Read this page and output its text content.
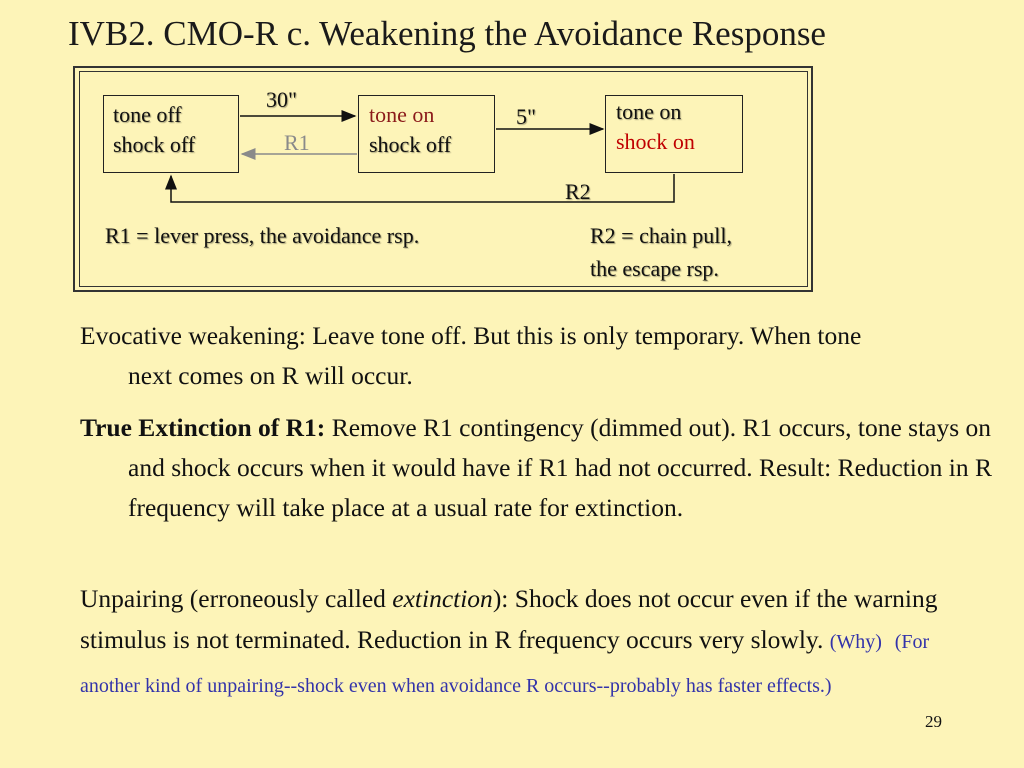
IVB2. CMO-R c. Weakening the Avoidance Response
tone off
shock off
tone on
shock off
tone on
shock on
30"
R1
5"
R2
R1 = lever press, the avoidance rsp.	R2 = chain pull,
the escape rsp.
Evocative weakening: Leave tone off. But this is only temporary. When tone next comes on R will occur.
True Extinction of R1: Remove R1 contingency (dimmed out). R1 occurs, tone stays on and shock occurs when it would have if R1 had not occurred. Result: Reduction in R frequency will take place at a usual rate for extinction.
Unpairing (erroneously called extinction): Shock does not occur even if the warning stimulus is not terminated. Reduction in R frequency occurs very slowly. (Why) (For another kind of unpairing--shock even when avoidance R occurs--probably has faster effects.)
29
